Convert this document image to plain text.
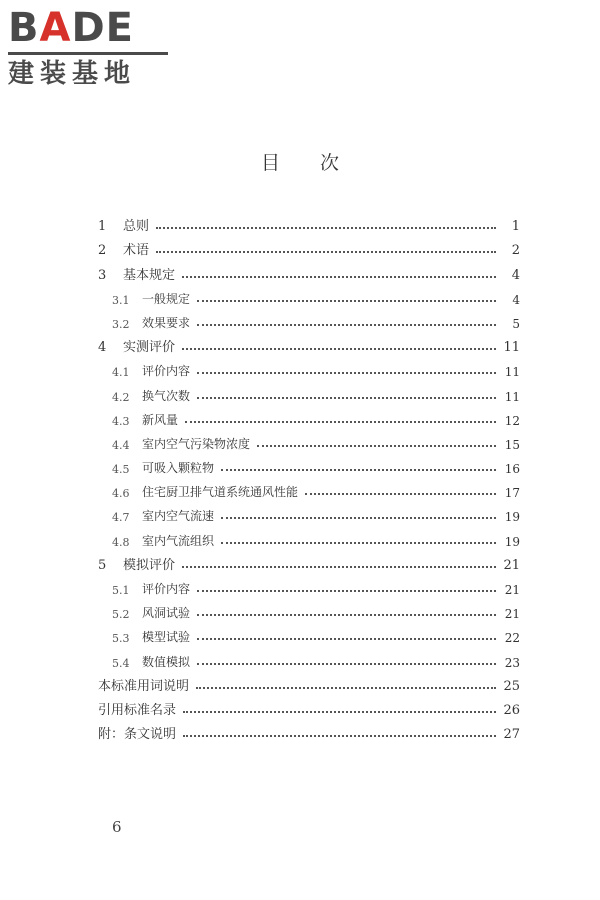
BADE
建装基地
目次
1	总则	1
2	术语	2
3	基本规定	4
3.1	一般规定	4
3.2	效果要求	5
4	实测评价	11
4.1	评价内容	11
4.2	换气次数	11
4.3	新风量	12
4.4	室内空气污染物浓度	15
4.5	可吸入颗粒物	16
4.6	住宅厨卫排气道系统通风性能	17
4.7	室内空气流速	19
4.8	室内气流组织	19
5	模拟评价	21
5.1	评价内容	21
5.2	风洞试验	21
5.3	模型试验	22
5.4	数值模拟	23
本标准用词说明	25
引用标准名录	26
附：条文说明	27
6
